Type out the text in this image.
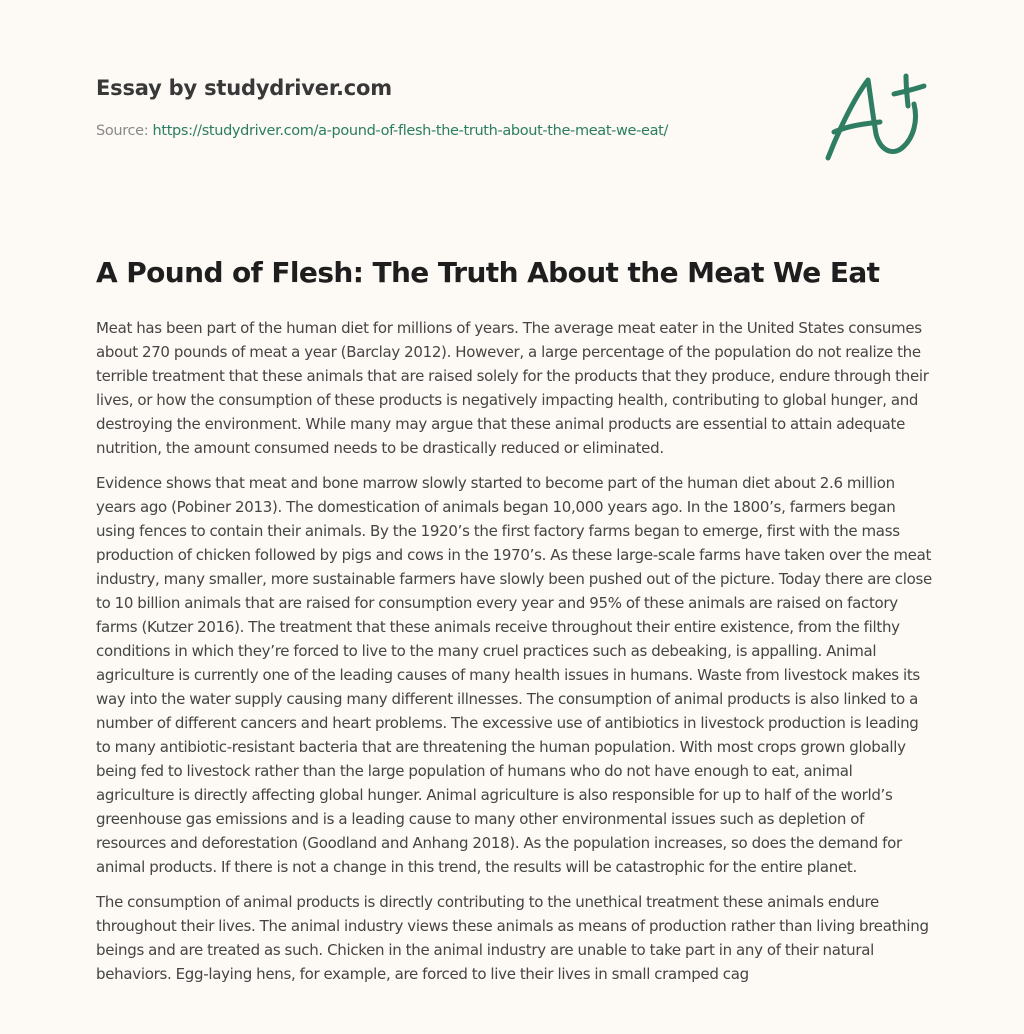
Essay by studydriver.com
Source: https://studydriver.com/a-pound-of-flesh-the-truth-about-the-meat-we-eat/
A Pound of Flesh: The Truth About the Meat We Eat

Meat has been part of the human diet for millions of years. The average meat eater in the United States consumes about 270 pounds of meat a year (Barclay 2012). However, a large percentage of the population do not realize the terrible treatment that these animals that are raised solely for the products that they produce, endure through their lives, or how the consumption of these products is negatively impacting health, contributing to global hunger, and destroying the environment. While many may argue that these animal products are essential to attain adequate nutrition, the amount consumed needs to be drastically reduced or eliminated.

Evidence shows that meat and bone marrow slowly started to become part of the human diet about 2.6 million years ago (Pobiner 2013). The domestication of animals began 10,000 years ago. In the 1800’s, farmers began using fences to contain their animals. By the 1920’s the first factory farms began to emerge, first with the mass production of chicken followed by pigs and cows in the 1970’s. As these large-scale farms have taken over the meat industry, many smaller, more sustainable farmers have slowly been pushed out of the picture. Today there are close to 10 billion animals that are raised for consumption every year and 95% of these animals are raised on factory farms (Kutzer 2016). The treatment that these animals receive throughout their entire existence, from the filthy conditions in which they’re forced to live to the many cruel practices such as debeaking, is appalling. Animal agriculture is currently one of the leading causes of many health issues in humans. Waste from livestock makes its way into the water supply causing many different illnesses. The consumption of animal products is also linked to a number of different cancers and heart problems. The excessive use of antibiotics in livestock production is leading to many antibiotic-resistant bacteria that are threatening the human population. With most crops grown globally being fed to livestock rather than the large population of humans who do not have enough to eat, animal agriculture is directly affecting global hunger. Animal agriculture is also responsible for up to half of the world’s greenhouse gas emissions and is a leading cause to many other environmental issues such as depletion of resources and deforestation (Goodland and Anhang 2018). As the population increases, so does the demand for animal products. If there is not a change in this trend, the results will be catastrophic for the entire planet.

The consumption of animal products is directly contributing to the unethical treatment these animals endure throughout their lives. The animal industry views these animals as means of production rather than living breathing beings and are treated as such. Chicken in the animal industry are unable to take part in any of their natural behaviors. Egg-laying hens, for example, are forced to live their lives in small cramped cag
